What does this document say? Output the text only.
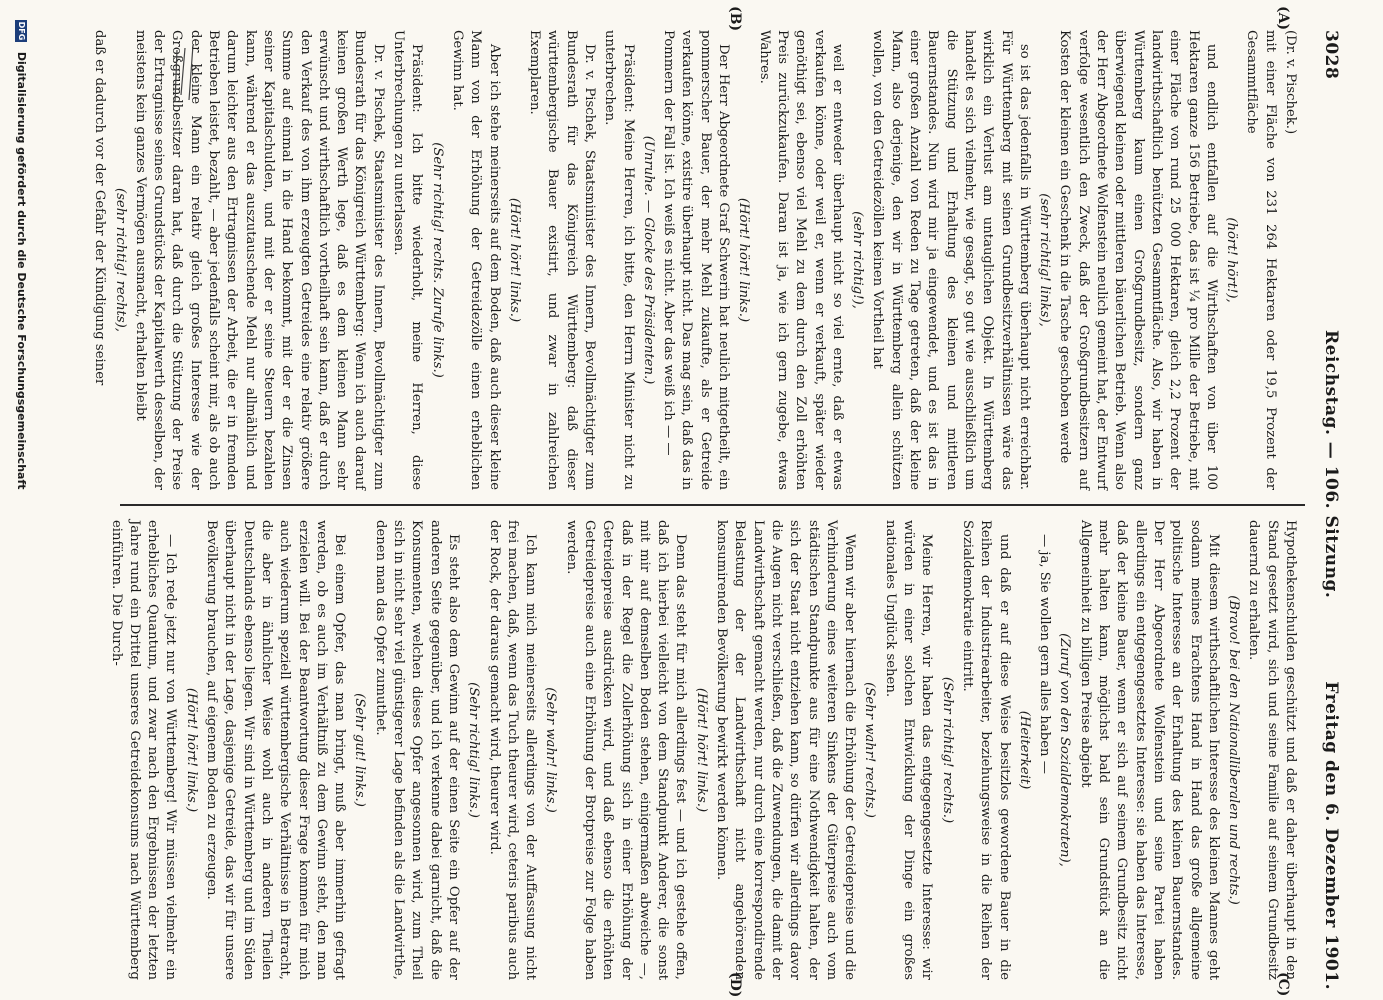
3028
Reichstag. — 106. Sitzung.
Freitag den 6. Dezember 1901.
(A)
(B)
(C)
(D)

(Dr. v. Pischek.)

mit einer Fläche von 231 264 Hektaren oder 19,5 Prozent der Gesammtfläche

(hört! hört!),

und endlich entfallen auf die Wirthschaften von über 100 Hektaren ganze 156 Betriebe, das ist ¼ pro Mille der Betriebe, mit einer Fläche von rund 25 000 Hektaren, gleich 2,2 Prozent der landwirthschaftlich benützten Gesammtfläche. Also, wir haben in Württemberg kaum einen Großgrundbesitz, sondern ganz überwiegend kleinen oder mittleren bäuerlichen Betrieb. Wenn also der Herr Abgeordnete Wolfenstein neulich gemeint hat, der Entwurf verfolge wesentlich den Zweck, daß der Großgrundbesitzern auf Kosten der kleinen ein Geschenk in die Tasche geschoben werde

(sehr richtig! links),

so ist das jedenfalls in Württemberg überhaupt nicht erreichbar. Für Württemberg mit seinen Grundbesitzverhältnissen wäre das wirklich ein Verlust am untauglichen Objekt. In Württemberg handelt es sich vielmehr, wie gesagt, so gut wie ausschließlich um die Stützung und Erhaltung des kleinen und mittleren Bauernstandes. Nun wird mir ja eingewendet, und es ist das in einer großen Anzahl von Reden zu Tage getreten, daß der kleine Mann, also derjenige, den wir in Württemberg allein schützen wollen, von den Getreidezöllen keinen Vortheil hat

(sehr richtig!),

weil er entweder überhaupt nicht so viel ernte, daß er etwas verkaufen könne, oder weil er, wenn er verkauft, später wieder genöthigt sei, ebenso viel Mehl zu dem durch den Zoll erhöhten Preis zurückzukaufen. Daran ist ja, wie ich gern zugebe, etwas Wahres.

(Hört! hört! links.)

Der Herr Abgeordnete Graf Schwerin hat neulich mitgetheilt, ein pommerscher Bauer, der mehr Mehl zukaufte, als er Getreide verkaufen könne, existire überhaupt nicht. Das mag sein, daß das in Pommern der Fall ist. Ich weiß es nicht. Aber das weiß ich — —

(Unruhe. — Glocke des Präsidenten.)

Präsident: Meine Herren, ich bitte, den Herrn Minister nicht zu unterbrechen.

Dr. v. Pischek, Staatsminister des Innern, Bevollmächtigter zum Bundesrath für das Königreich Württemberg: daß dieser württembergische Bauer existirt, und zwar in zahlreichen Exemplaren.

(Hört! hört! links.)

Aber ich stehe meinerseits auf dem Boden, daß auch dieser kleine Mann von der Erhöhung der Getreidezölle einen erheblichen Gewinn hat.

(Sehr richtig! rechts. Zurufe links.)

Präsident: Ich bitte wiederholt, meine Herren, diese Unterbrechungen zu unterlassen.

Dr. v. Pischek, Staatsminister des Innern, Bevollmächtigter zum Bundesrath für das Königreich Württemberg: Wenn ich auch darauf keinen großen Werth lege, daß es dem kleinen Mann sehr erwünscht und wirthschaftlich vortheilhaft sein kann, daß er durch den Verkauf des von ihm erzeugten Getreides eine relativ größere Summe auf einmal in die Hand bekommt, mit der er die Zinsen seiner Kapitalschulden, und mit der er seine Steuern bezahlen kann, während er das auszutauschende Mehl nur allmählich und darum leichter aus den Ertragnissen der Arbeit, die er in fremden Betrieben leistet, bezahlt, — aber jedenfalls scheint mir, als ob auch der kleine Mann ein relativ gleich großes Interesse wie der Großgrundbesitzer daran hat, daß durch die Stützung der Preise der Ertragnisse seines Grundstücks der Kapitalwerth desselben, der meistens kein ganzes Vermögen ausmacht, erhalten bleibt

(sehr richtig! rechts),

daß er dadurch vor der Gefahr der Kündigung seiner

Hypothekenschulden geschützt und daß er daher überhaupt in den Stand gesetzt wird, sich und seine Familie auf seinem Grundbesitz dauernd zu erhalten.

(Bravo! bei den Nationalliberalen und rechts.)

Mit diesem wirthschaftlichen Interesse des kleinen Mannes geht sodann meines Erachtens Hand in Hand das große allgemeine politische Interesse an der Erhaltung des kleinen Bauernstandes. Der Herr Abgeordnete Wolfenstein und seine Partei haben allerdings ein entgegengesetztes Interesse: sie haben das Interesse, daß der kleine Bauer, wenn er sich auf seinem Grundbesitz nicht mehr halten kann, möglichst bald sein Grundstück an die Allgemeinheit zu billigen Preise abgiebt

(Zuruf von den Sozialdemokraten),

— ja, Sie wollen gern alles haben —

(Heiterkeit)

und daß er auf diese Weise besitzlos gewordene Bauer in die Reihen der Industriearbeiter, beziehungsweise in die Reihen der Sozialdemokratie eintritt.

(Sehr richtig! rechts.)

Meine Herren, wir haben das entgegengesetzte Interesse: wir würden in einer solchen Entwicklung der Dinge ein großes nationales Unglück sehen.

(Sehr wahr! rechts.)

Wenn wir aber hiernach die Erhöhung der Getreidepreise und die Verhinderung eines weiteren Sinkens der Güterpreise auch vom städtischen Standpunkte aus für eine Nothwendigkeit halten, der sich der Staat nicht entziehen kann, so dürfen wir allerdings davor die Augen nicht verschließen, daß die Zuwendungen, die damit der Landwirthschaft gemacht werden, nur durch eine korrespondirende Belastung der der Landwirthschaft nicht angehörenden konsumirenden Bevölkerung bewirkt werden können.

(Hört! hört! links.)

Denn das steht für mich allerdings fest — und ich gestehe offen, daß ich hierbei vielleicht von dem Standpunkt Anderer, die sonst mit mir auf demselben Boden stehen, einigermaßen abweiche —, daß in der Regel die Zollerhöhung sich in einer Erhöhung der Getreidepreise ausdrücken wird, und daß ebenso die erhöhten Getreidepreise auch eine Erhöhung der Brotpreise zur Folge haben werden.

(Sehr wahr! links.)

Ich kann mich meinerseits allerdings von der Auffassung nicht frei machen, daß, wenn das Tuch theurer wird, ceteris paribus auch der Rock, der daraus gemacht wird, theurer wird.

(Sehr richtig! links.)

Es steht also dem Gewinn auf der einen Seite ein Opfer auf der anderen Seite gegenüber, und ich verkenne dabei garnicht, daß die Konsumenten, welchen dieses Opfer angesonnen wird, zum Theil sich in nicht sehr viel günstigerer Lage befinden als die Landwirthe, denen man das Opfer zumuthet.

(Sehr gut! links.)

Bei einem Opfer, das man bringt, muß aber immerhin gefragt werden, ob es auch im Verhältniß zu dem Gewinn steht, den man erzielen will. Bei der Beantwortung dieser Frage kommen für mich auch wiederum speziell württembergische Verhältnisse in Betracht, die aber in ähnlicher Weise wohl auch in anderen Theilen Deutschlands ebenso liegen. Wir sind in Württemberg und im Süden überhaupt nicht in der Lage, dasjenige Getreide, das wir für unsere Bevölkerung brauchen, auf eigenem Boden zu erzeugen.

(Hört! hört! links.)

— Ich rede jetzt nur von Württemberg! Wir müssen vielmehr ein erhebliches Quantum, und zwar nach den Ergebnissen der letzten Jahre rund ein Drittel unseres Getreidekonsums nach Württemberg einführen. Die Durch-

DFG Digitalisierung gefördert durch die Deutsche Forschungsgemeinschaft
